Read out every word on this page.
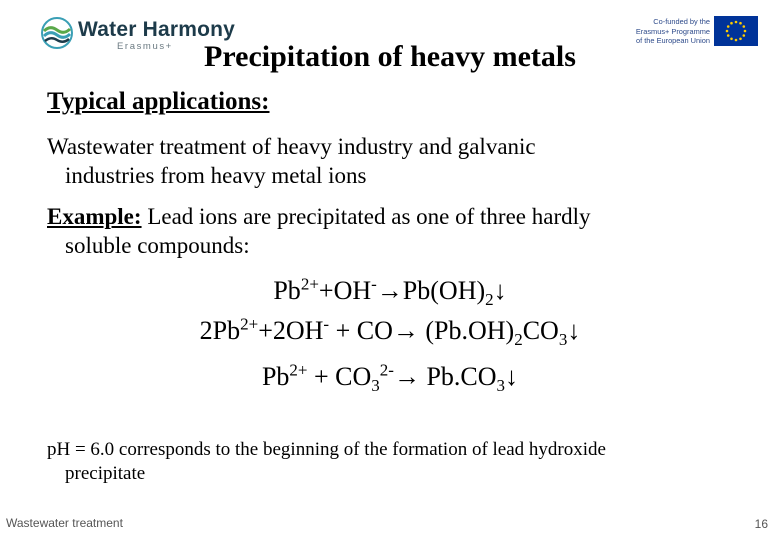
Water Harmony
Erasmus+
Co-funded by the
Erasmus+ Programme
of the European Union
Precipitation of heavy metals
Typical applications:
Wastewater treatment of heavy industry and galvanic
industries from heavy metal ions
Example: Lead ions are precipitated as one of three hardly
soluble compounds:
$Pb^{2+}+OH^-\to Pb(OH)_2↓$
$2Pb^{2+}+2OH^- + CO\to$ $(Pb.OH)_2CO_3↓$
$Pb^{2+} + CO_3^{2-}\to$ $Pb.CO_3↓$
pH = 6.0 corresponds to the beginning of the formation of lead hydroxide
precipitate
Wastewater treatment	16
